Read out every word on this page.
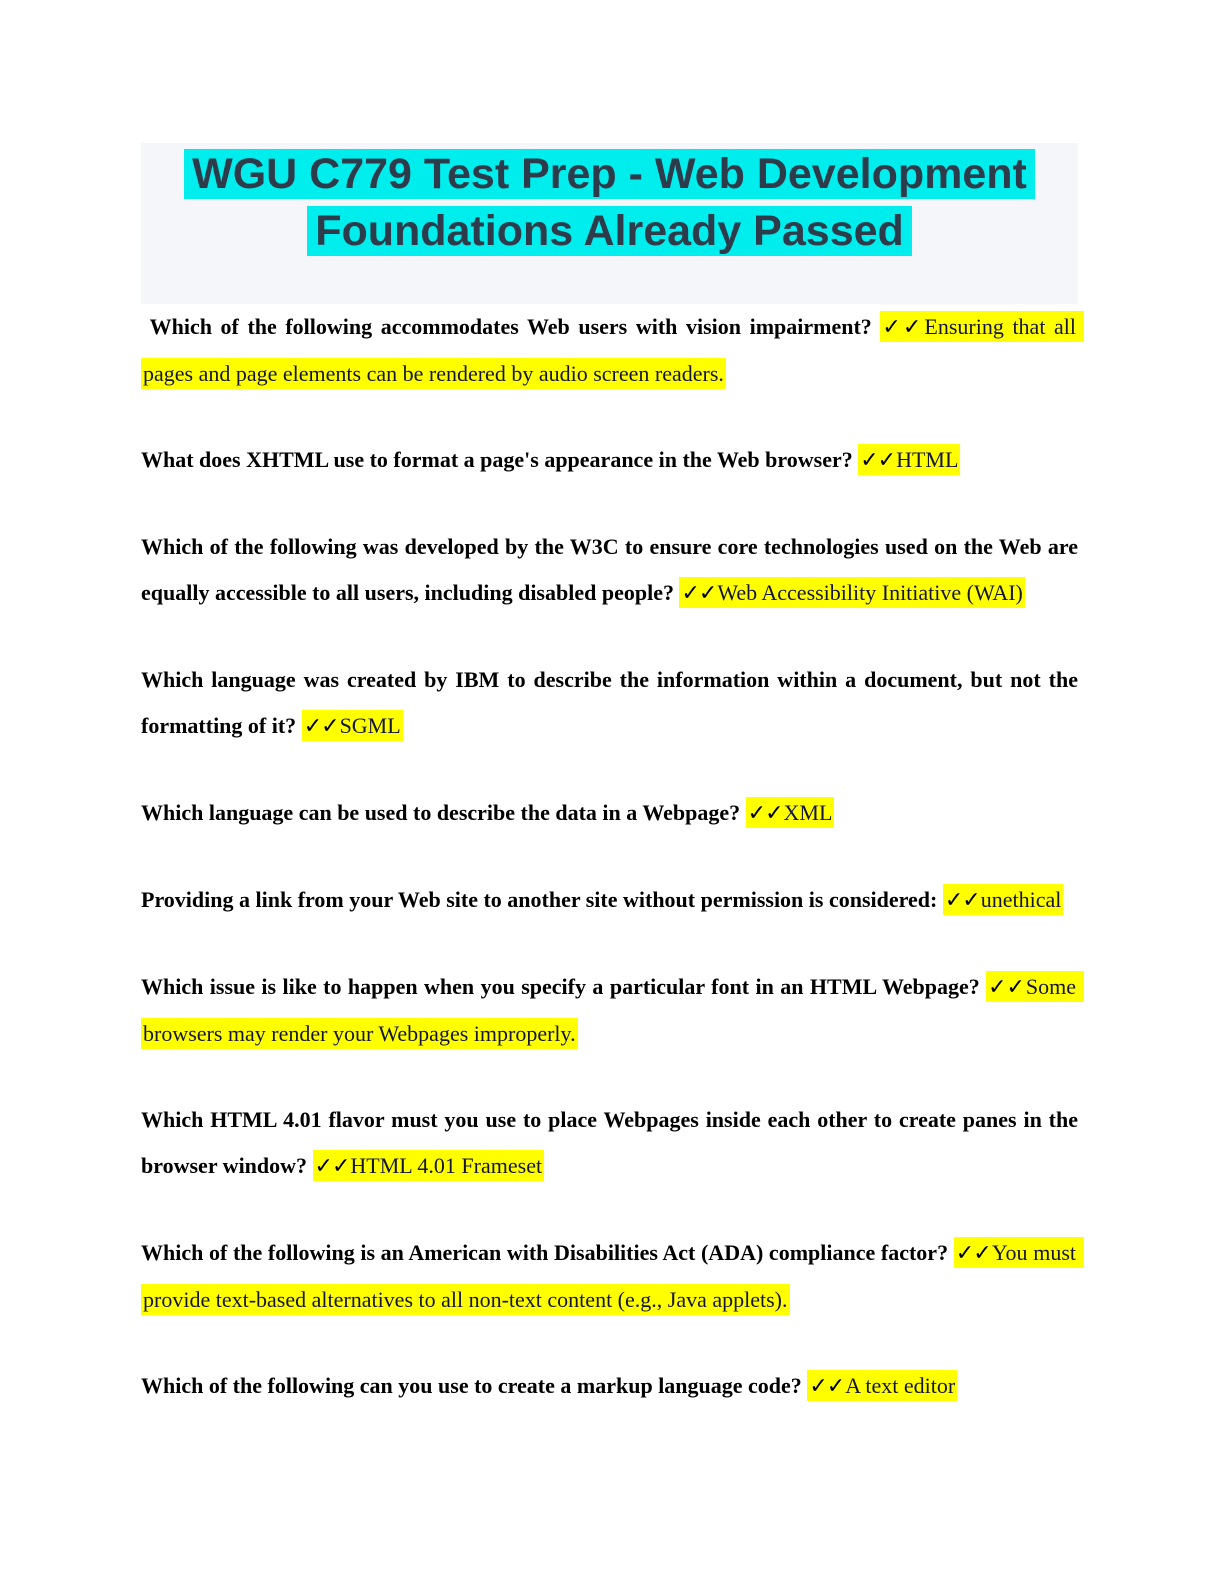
WGU C779 Test Prep - Web Development
Foundations Already Passed

Which of the following accommodates Web users with vision impairment? ✓✓Ensuring that all pages and page elements can be rendered by audio screen readers.

What does XHTML use to format a page's appearance in the Web browser? ✓✓HTML

Which of the following was developed by the W3C to ensure core technologies used on the Web are equally accessible to all users, including disabled people? ✓✓Web Accessibility Initiative (WAI)

Which language was created by IBM to describe the information within a document, but not the formatting of it? ✓✓SGML

Which language can be used to describe the data in a Webpage? ✓✓XML

Providing a link from your Web site to another site without permission is considered: ✓✓unethical

Which issue is like to happen when you specify a particular font in an HTML Webpage? ✓✓Some browsers may render your Webpages improperly.

Which HTML 4.01 flavor must you use to place Webpages inside each other to create panes in the browser window? ✓✓HTML 4.01 Frameset

Which of the following is an American with Disabilities Act (ADA) compliance factor? ✓✓You must provide text-based alternatives to all non-text content (e.g., Java applets).

Which of the following can you use to create a markup language code? ✓✓A text editor
